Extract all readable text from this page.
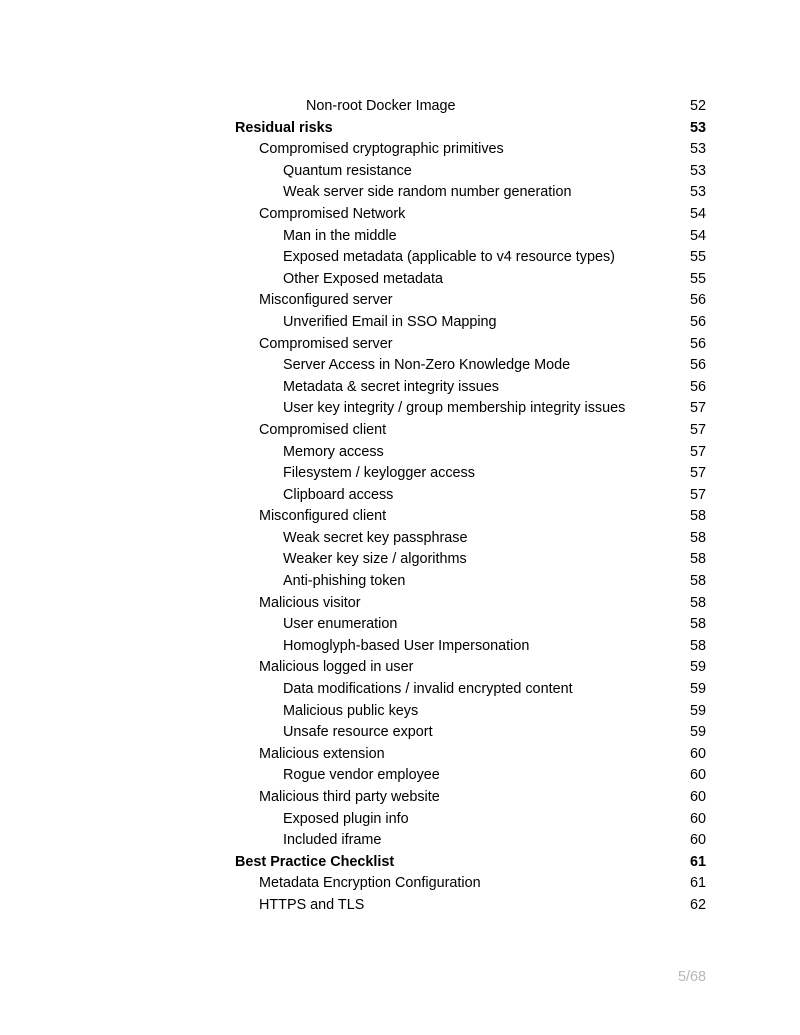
Non-root Docker Image	52
Residual risks	53
Compromised cryptographic primitives	53
Quantum resistance	53
Weak server side random number generation	53
Compromised Network	54
Man in the middle	54
Exposed metadata (applicable to v4 resource types)	55
Other Exposed metadata	55
Misconfigured server	56
Unverified Email in SSO Mapping	56
Compromised server	56
Server Access in Non-Zero Knowledge Mode	56
Metadata & secret integrity issues	56
User key integrity / group membership integrity issues	57
Compromised client	57
Memory access	57
Filesystem / keylogger access	57
Clipboard access	57
Misconfigured client	58
Weak secret key passphrase	58
Weaker key size / algorithms	58
Anti-phishing token	58
Malicious visitor	58
User enumeration	58
Homoglyph-based User Impersonation	58
Malicious logged in user	59
Data modifications / invalid encrypted content	59
Malicious public keys	59
Unsafe resource export	59
Malicious extension	60
Rogue vendor employee	60
Malicious third party website	60
Exposed plugin info	60
Included iframe	60
Best Practice Checklist	61
Metadata Encryption Configuration	61
HTTPS and TLS	62
5/68
